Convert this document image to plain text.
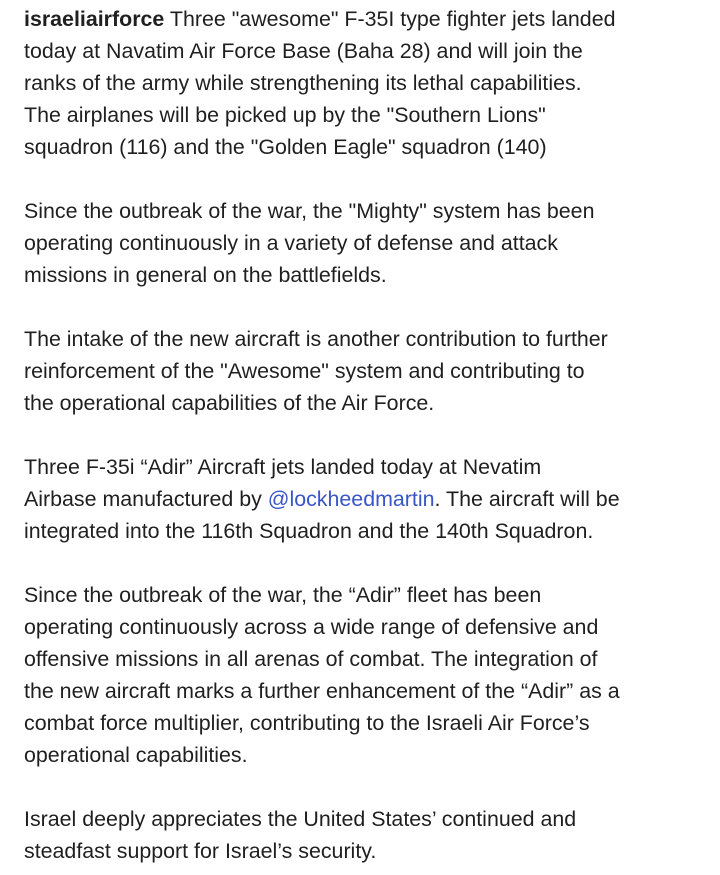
israeliairforce Three "awesome" F-35I type fighter jets landed
today at Navatim Air Force Base (Baha 28) and will join the
ranks of the army while strengthening its lethal capabilities.
The airplanes will be picked up by the "Southern Lions"
squadron (116) and the "Golden Eagle" squadron (140)

Since the outbreak of the war, the "Mighty" system has been
operating continuously in a variety of defense and attack
missions in general on the battlefields.

The intake of the new aircraft is another contribution to further
reinforcement of the "Awesome" system and contributing to
the operational capabilities of the Air Force.

Three F-35i “Adir” Aircraft jets landed today at Nevatim
Airbase manufactured by @lockheedmartin. The aircraft will be
integrated into the 116th Squadron and the 140th Squadron.

Since the outbreak of the war, the “Adir” fleet has been
operating continuously across a wide range of defensive and
offensive missions in all arenas of combat. The integration of
the new aircraft marks a further enhancement of the “Adir” as a
combat force multiplier, contributing to the Israeli Air Force’s
operational capabilities.

Israel deeply appreciates the United States’ continued and
steadfast support for Israel’s security.
